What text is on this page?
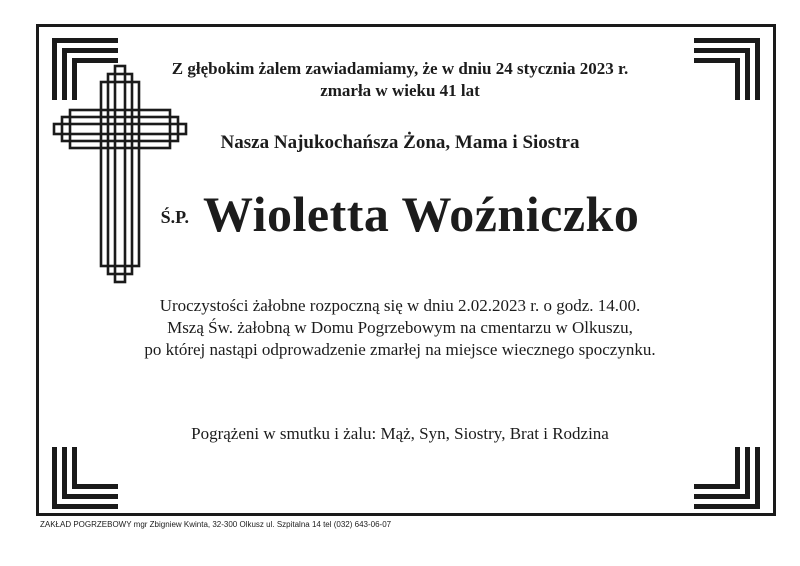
Z głębokim żalem zawiadamiamy, że w dniu 24 stycznia 2023 r.
zmarła w wieku 41 lat
Nasza Najukochańsza Żona, Mama i Siostra
Ś.P. Wioletta Woźniczko
Uroczystości żałobne rozpoczną się w dniu 2.02.2023 r. o godz. 14.00.
Mszą Św. żałobną w Domu Pogrzebowym na cmentarzu w Olkuszu,
po której nastąpi odprowadzenie zmarłej na miejsce wiecznego spoczynku.
Pogrążeni w smutku i żalu: Mąż, Syn, Siostry, Brat i Rodzina
ZAKŁAD POGRZEBOWY mgr Zbigniew Kwinta, 32-300 Olkusz ul. Szpitalna 14 tel (032) 643-06-07
